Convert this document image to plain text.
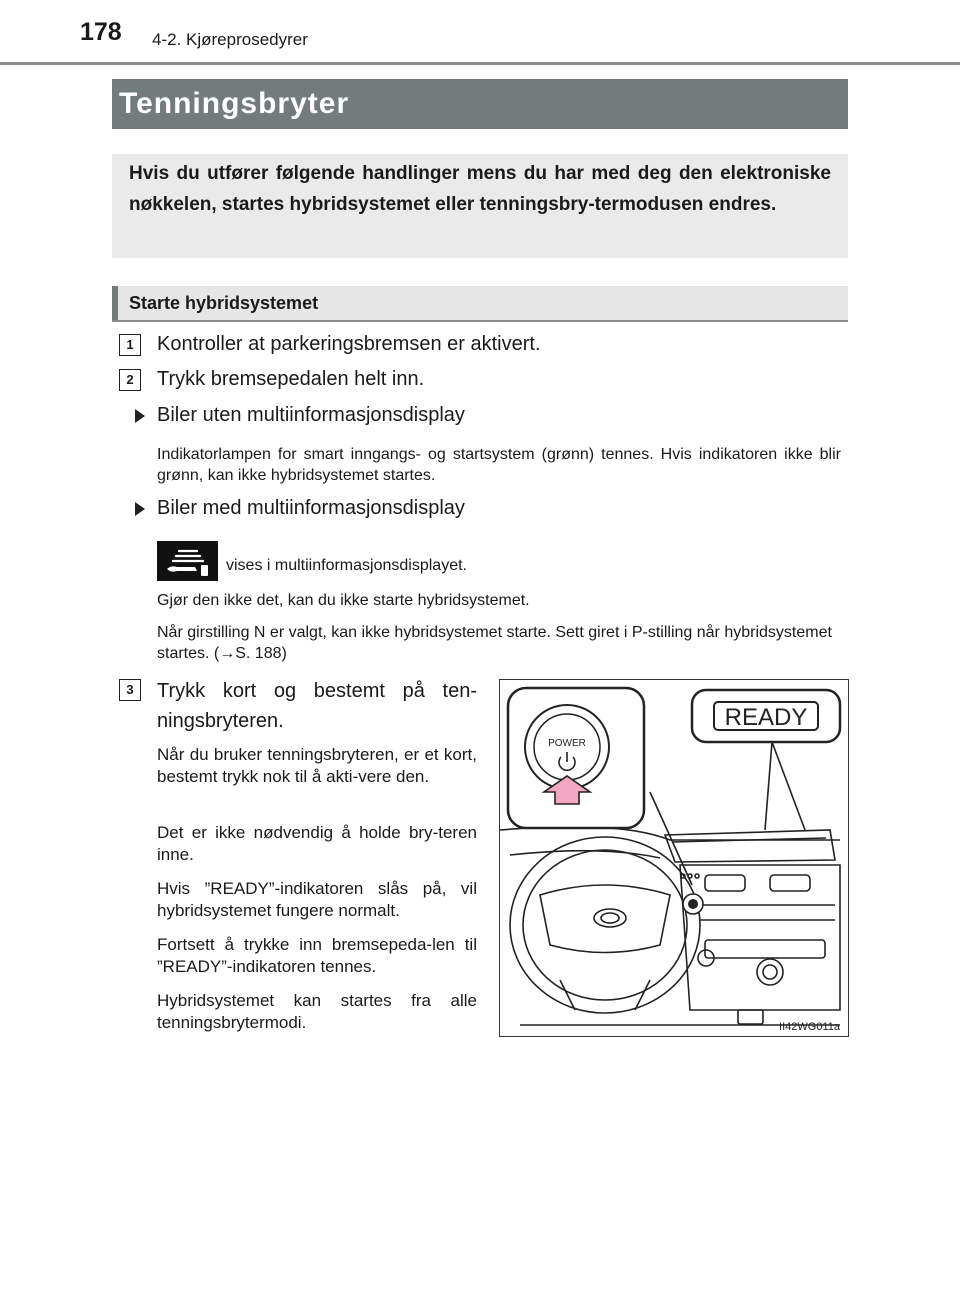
178 4-2. Kjøreprosedyrer
Tenningsbryter
Hvis du utfører følgende handlinger mens du har med deg den elektroniske nøkkelen, startes hybridsystemet eller tenningsbry-termodusen endres.
Starte hybridsystemet
1	Kontroller at parkeringsbremsen er aktivert.
2	Trykk bremsepedalen helt inn.
Biler uten multiinformasjonsdisplay
Indikatorlampen for smart inngangs- og startsystem (grønn) tennes. Hvis indikatoren ikke blir grønn, kan ikke hybridsystemet startes.
Biler med multiinformasjonsdisplay
vises i multiinformasjonsdisplayet.
Gjør den ikke det, kan du ikke starte hybridsystemet.
Når girstilling N er valgt, kan ikke hybridsystemet starte. Sett giret i P-stilling når hybridsystemet startes. (→S. 188)
3	Trykk kort og bestemt på ten-
ningsbryteren.
Når du bruker tenningsbryteren, er et kort, bestemt trykk nok til å akti-vere den.
Det er ikke nødvendig å holde bry-teren inne.
Hvis ”READY”-indikatoren slås på, vil hybridsystemet fungere normalt.
Fortsett å trykke inn bremsepeda-len til ”READY”-indikatoren tennes.
Hybridsystemet kan startes fra alle tenningsbrytermodi.
POWER
READY
II42WG011a
